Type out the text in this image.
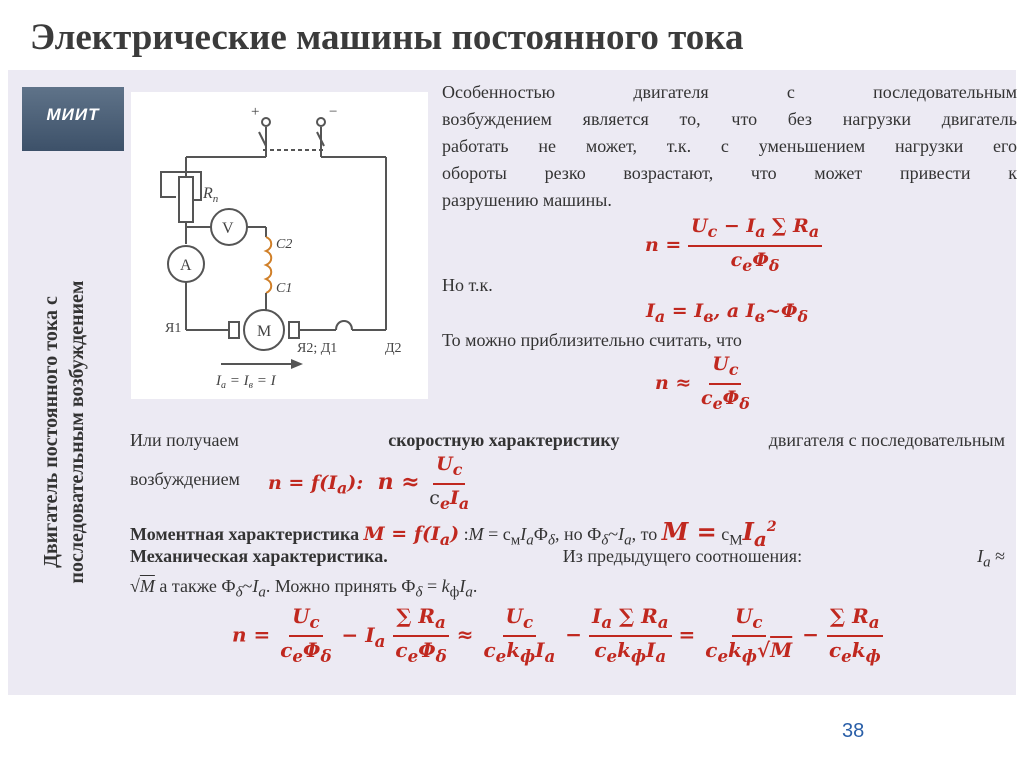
Электрические машины постоянного тока
МИИТ
Двигатель постоянного тока с последовательным возбуждением
+	−
$R_п$
V
A
M
C2
C1
Я1
Я2; Д1	Д2
$I_а = I_в = I$
Особенностью двигателя с последовательным
возбуждением является то, что без нагрузки двигатель
работать не может, т.к. с уменьшением нагрузки его
обороты резко возрастают, что может привести к
разрушению машины.
$n = \frac{U_c - I_a \sum R_a}{c_e\Phi_\delta}$
Но т.к.
$I_a = I_в$, а $I_в\sim\Phi_\delta$
То можно приблизительно считать, что
$n \approx \frac{U_c}{c_e\Phi_\delta}$
Или получаем	скоростную характеристику	двигателя с последовательным
возбуждением $n = f(I_a)$:  $n \approx \frac{U_c}{с_eI_a}$
Моментная характеристика $M = f(I_a)$ :M = $c_мI_aФ_\delta$, но $Ф_\delta\sim I_a$, то $M = с_МI_a^2$
Механическая характеристика.	Из предыдущего соотношения:	$I_a$ ≈
√M а также $Ф_\delta\sim I_a$. Можно принять $Ф_\delta = k_фI_a$.
$n = \frac{U_c}{c_e\Phi_\delta} - I_a \frac{\sum R_a}{c_e\Phi_\delta} \approx \frac{U_c}{c_ek_фI_a} - \frac{I_a \sum R_a}{c_ek_фI_a} = \frac{U_c}{c_ek_ф√M} - \frac{\sum R_a}{c_ek_ф}$
38
